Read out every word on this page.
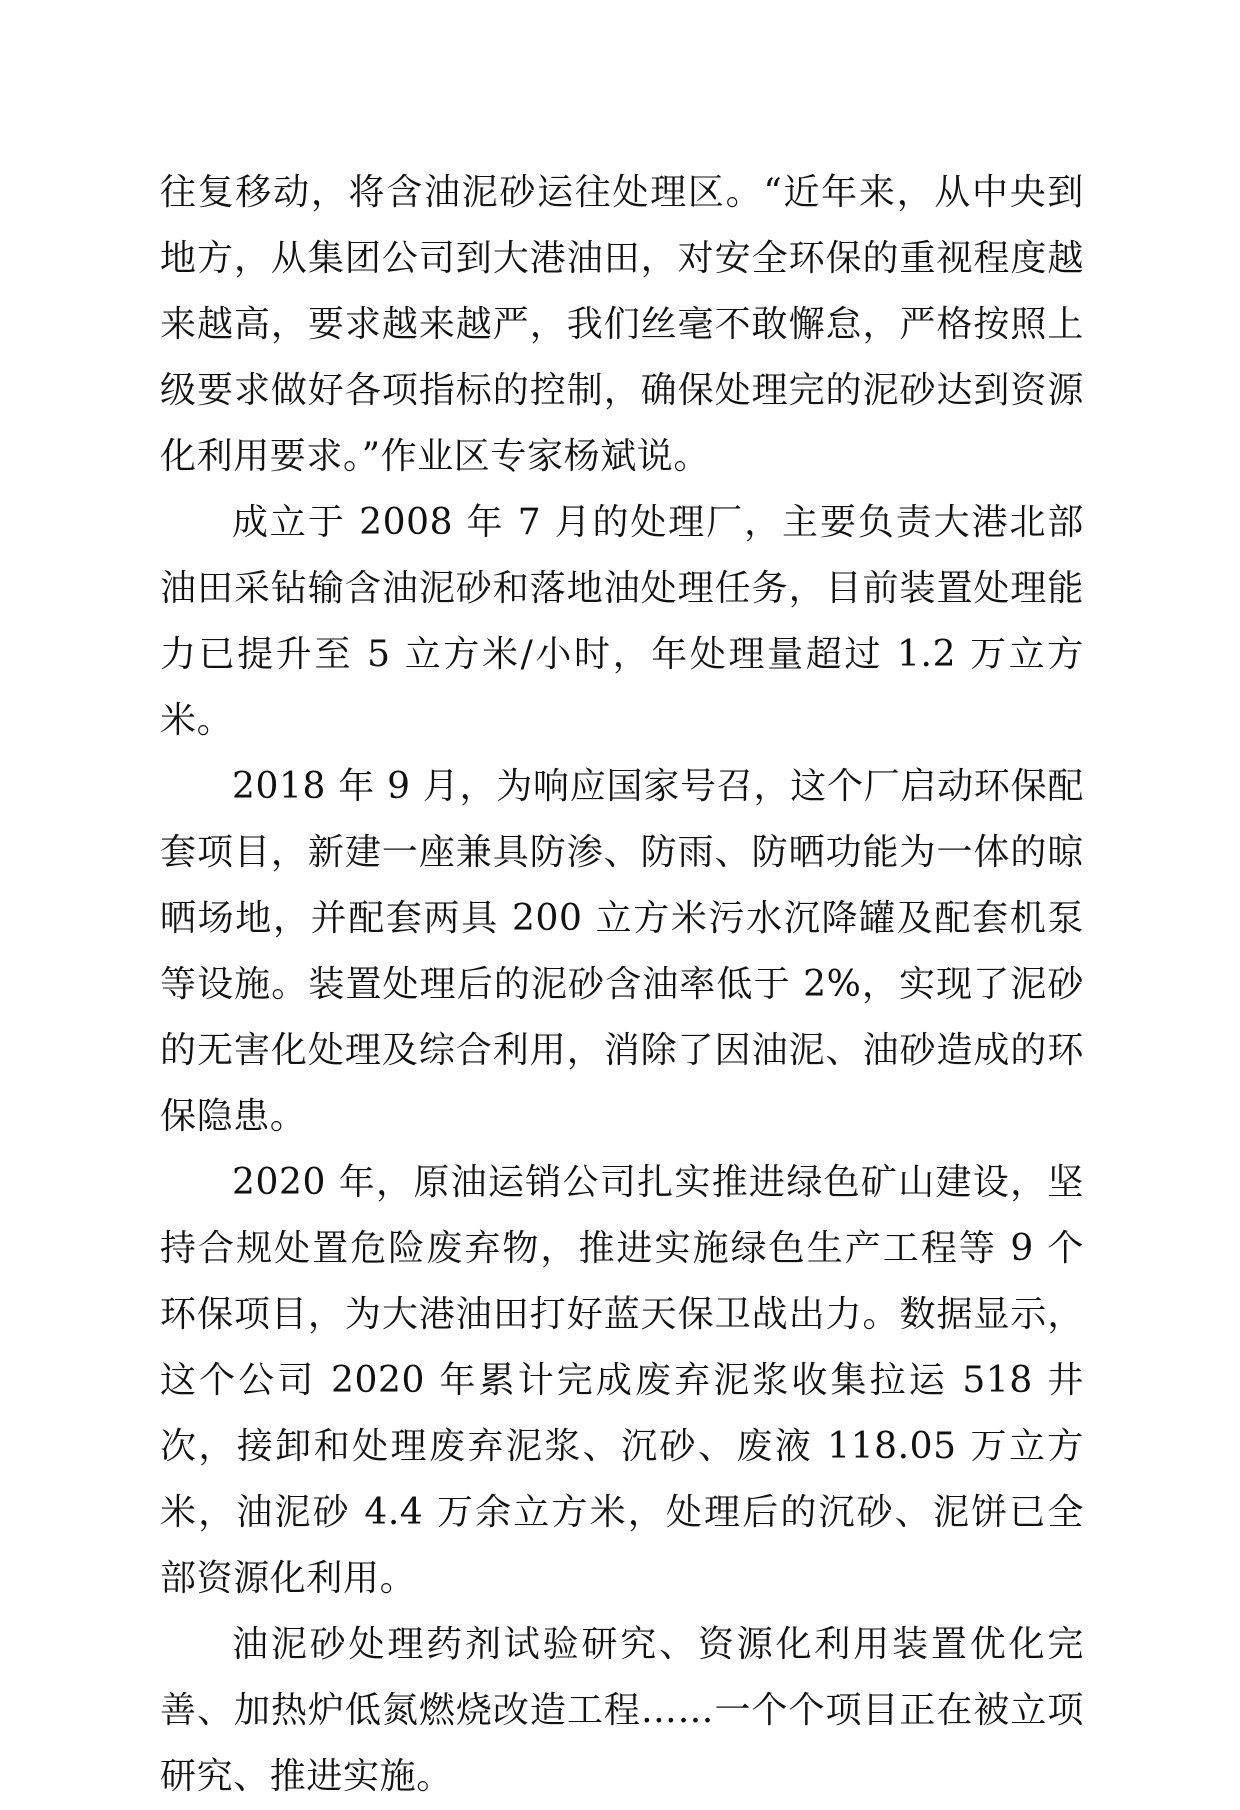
往复移动，将含油泥砂运往处理区。“近年来，从中央到地方，从集团公司到大港油田，对安全环保的重视程度越来越高，要求越来越严，我们丝毫不敢懈怠，严格按照上级要求做好各项指标的控制，确保处理完的泥砂达到资源化利用要求。”作业区专家杨斌说。

成立于 2008 年 7 月的处理厂，主要负责大港北部油田采钻输含油泥砂和落地油处理任务，目前装置处理能力已提升至 5 立方米/小时，年处理量超过 1.2 万立方米。

2018 年 9 月，为响应国家号召，这个厂启动环保配套项目，新建一座兼具防渗、防雨、防晒功能为一体的晾晒场地，并配套两具 200 立方米污水沉降罐及配套机泵等设施。装置处理后的泥砂含油率低于 2%，实现了泥砂的无害化处理及综合利用，消除了因油泥、油砂造成的环保隐患。

2020 年，原油运销公司扎实推进绿色矿山建设，坚持合规处置危险废弃物，推进实施绿色生产工程等 9 个环保项目，为大港油田打好蓝天保卫战出力。数据显示，这个公司 2020 年累计完成废弃泥浆收集拉运 518 井次，接卸和处理废弃泥浆、沉砂、废液 118.05 万立方米，油泥砂 4.4 万余立方米，处理后的沉砂、泥饼已全部资源化利用。

油泥砂处理药剂试验研究、资源化利用装置优化完善、加热炉低氮燃烧改造工程……一个个项目正在被立项研究、推进实施。
